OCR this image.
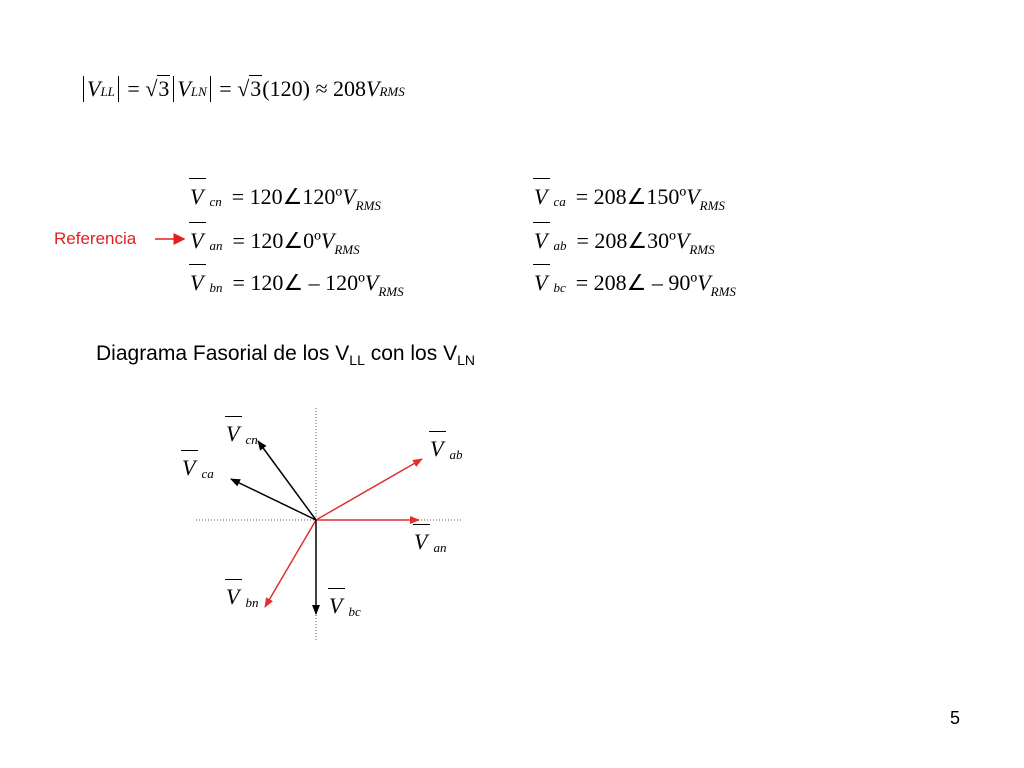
VLL = √3 VLN = √3(120) ≈ 208VRMS
Vcn = 120∠120ºV$_{RMS}$
Van = 120∠0ºV$_{RMS}$
Vbn = 120∠ – 120ºV$_{RMS}$
Vca = 208∠150ºV$_{RMS}$
Vab = 208∠30ºV$_{RMS}$
Vbc = 208∠ – 90ºV$_{RMS}$
Referencia
Diagrama Fasorial de los $V_{LL}$ con los $V_{LN}$
V $_{cn}$
V $_{ca}$
V $_{ab}$
V $_{an}$
V $_{bn}$	V $_{bc}$
5
